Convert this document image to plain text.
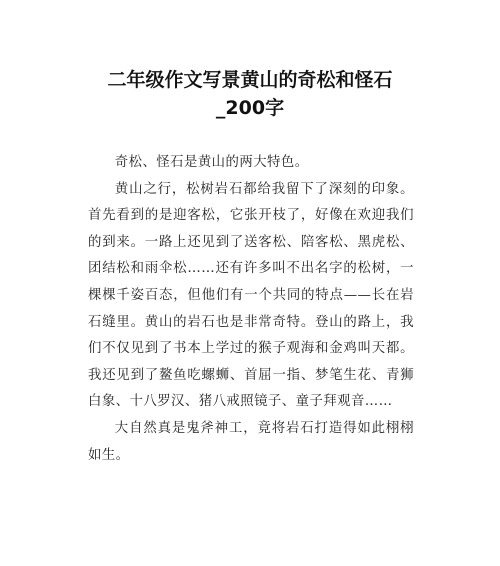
二年级作文写景黄山的奇松和怪石_200字

奇松、怪石是黄山的两大特色。

黄山之行，松树岩石都给我留下了深刻的印象。首先看到的是迎客松，它张开枝了，好像在欢迎我们的到来。一路上还见到了送客松、陪客松、黑虎松、团结松和雨伞松……还有许多叫不出名字的松树，一棵棵千姿百态，但他们有一个共同的特点——长在岩石缝里。黄山的岩石也是非常奇特。登山的路上，我们不仅见到了书本上学过的猴子观海和金鸡叫天都。我还见到了鳌鱼吃螺蛳、首屈一指、梦笔生花、青狮白象、十八罗汉、猪八戒照镜子、童子拜观音……

大自然真是鬼斧神工，竟将岩石打造得如此栩栩如生。
